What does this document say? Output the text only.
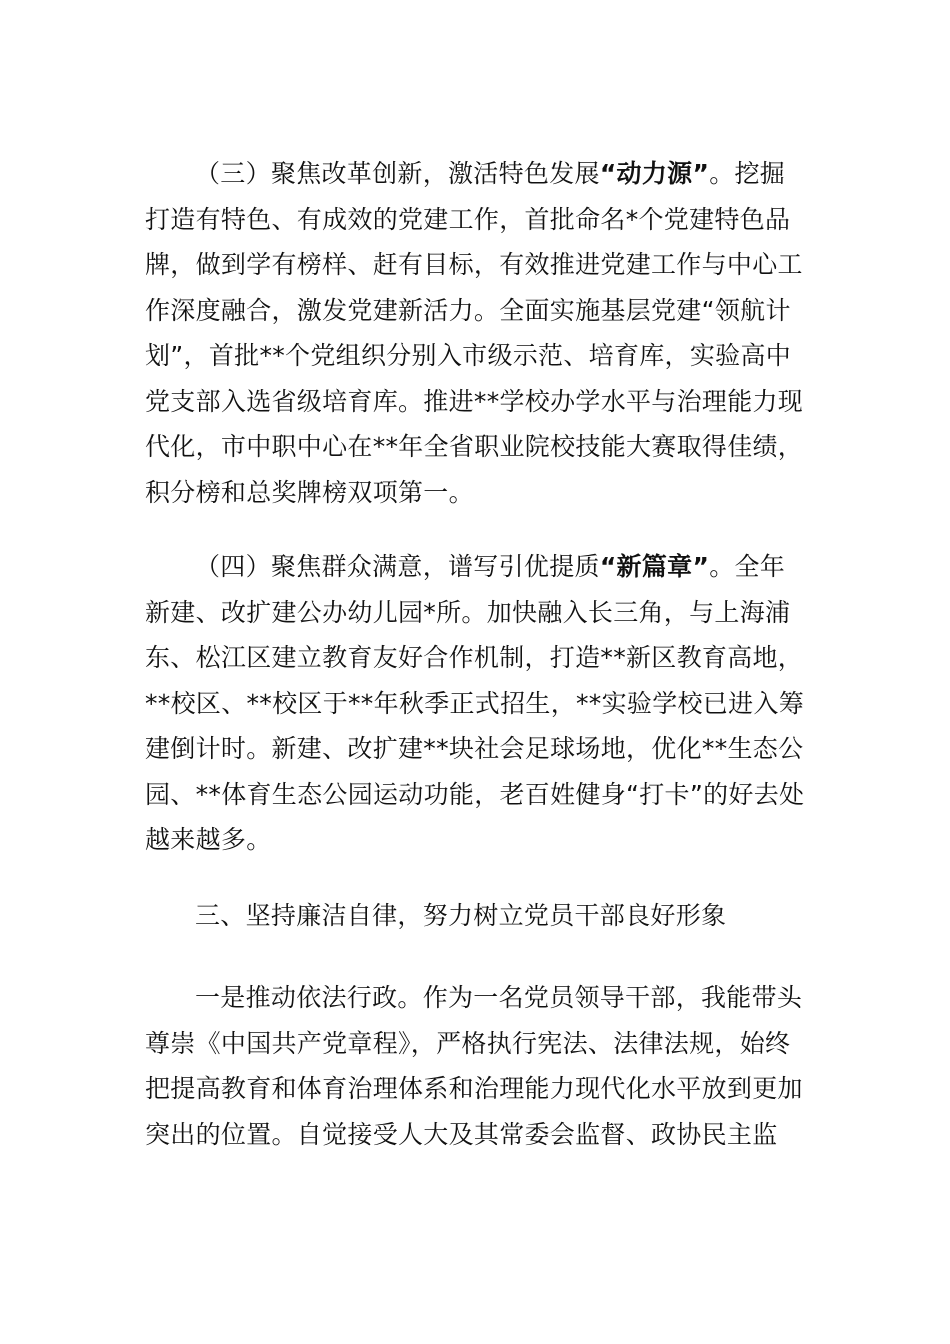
（三）聚焦改革创新，激活特色发展“动力源”。挖掘打造有特色、有成效的党建工作，首批命名*个党建特色品牌，做到学有榜样、赶有目标，有效推进党建工作与中心工作深度融合，激发党建新活力。全面实施基层党建“领航计划”，首批**个党组织分别入市级示范、培育库，实验高中党支部入选省级培育库。推进**学校办学水平与治理能力现代化，市中职中心在**年全省职业院校技能大赛取得佳绩，积分榜和总奖牌榜双项第一。

（四）聚焦群众满意，谱写引优提质“新篇章”。全年新建、改扩建公办幼儿园*所。加快融入长三角，与上海浦东、松江区建立教育友好合作机制，打造**新区教育高地，**校区、**校区于**年秋季正式招生，**实验学校已进入筹建倒计时。新建、改扩建**块社会足球场地，优化**生态公园、**体育生态公园运动功能，老百姓健身“打卡”的好去处越来越多。

三、坚持廉洁自律，努力树立党员干部良好形象

一是推动依法行政。作为一名党员领导干部，我能带头尊崇《中国共产党章程》，严格执行宪法、法律法规，始终把提高教育和体育治理体系和治理能力现代化水平放到更加突出的位置。自觉接受人大及其常委会监督、政协民主监
